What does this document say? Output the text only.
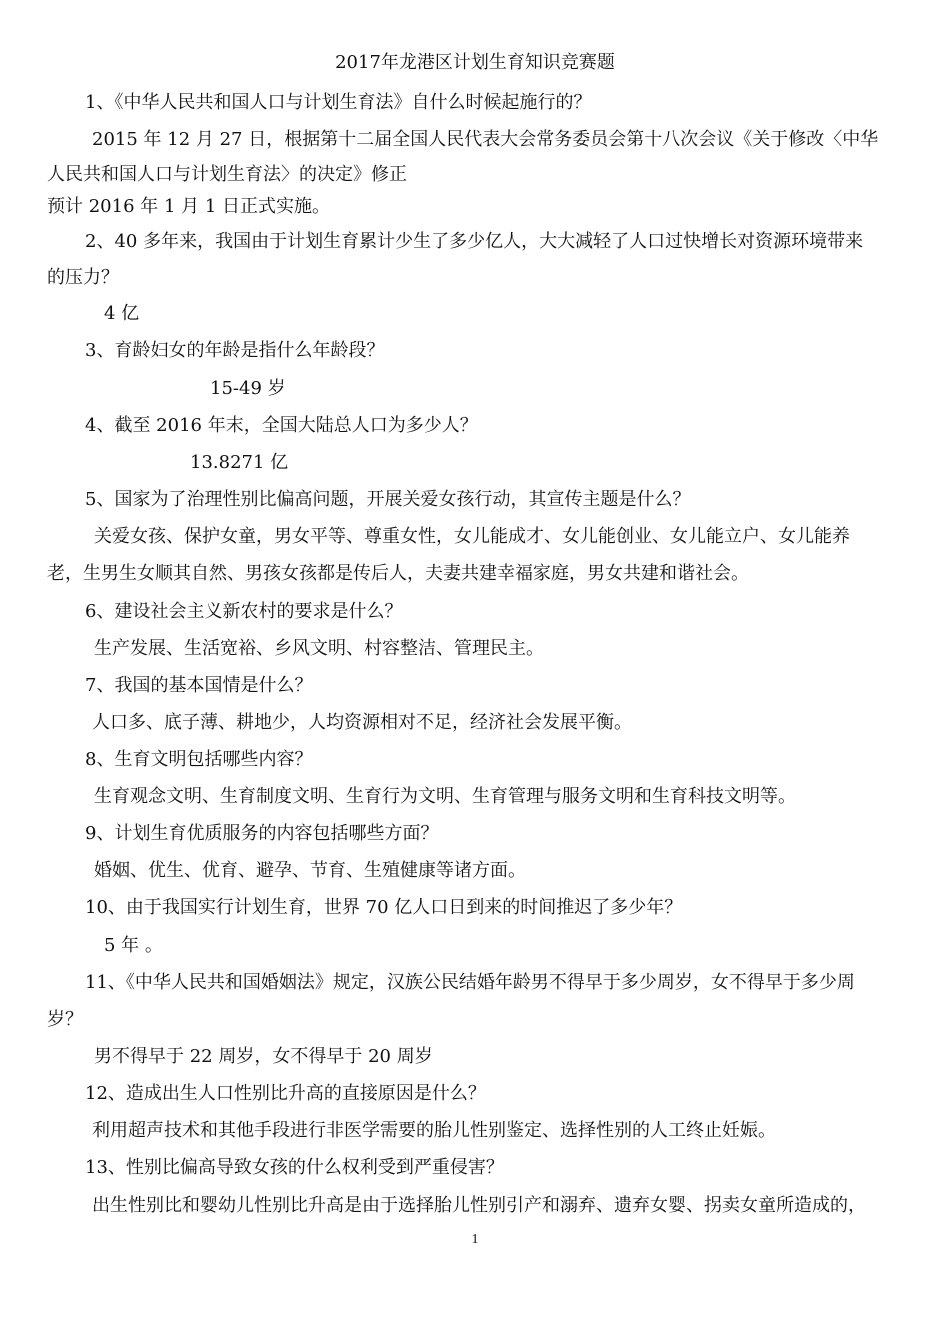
2017年龙港区计划生育知识竞赛题
1、《中华人民共和国人口与计划生育法》自什么时候起施行的？
2015 年 12 月 27 日，根据第十二届全国人民代表大会常务委员会第十八次会议《关于修改〈中华
人民共和国人口与计划生育法〉的决定》修正
预计 2016 年 1 月 1 日正式实施。
2、40 多年来，我国由于计划生育累计少生了多少亿人，大大减轻了人口过快增长对资源环境带来
的压力？
4 亿
3、育龄妇女的年龄是指什么年龄段？
15-49 岁
4、截至 2016 年末，全国大陆总人口为多少人？
13.8271 亿
5、国家为了治理性别比偏高问题，开展关爱女孩行动，其宣传主题是什么？
关爱女孩、保护女童，男女平等、尊重女性，女儿能成才、女儿能创业、女儿能立户、女儿能养
老，生男生女顺其自然、男孩女孩都是传后人，夫妻共建幸福家庭，男女共建和谐社会。
6、建设社会主义新农村的要求是什么？
生产发展、生活宽裕、乡风文明、村容整洁、管理民主。
7、我国的基本国情是什么？
人口多、底子薄、耕地少，人均资源相对不足，经济社会发展平衡。
8、生育文明包括哪些内容？
生育观念文明、生育制度文明、生育行为文明、生育管理与服务文明和生育科技文明等。
9、计划生育优质服务的内容包括哪些方面？
婚姻、优生、优育、避孕、节育、生殖健康等诸方面。
10、由于我国实行计划生育，世界 70 亿人口日到来的时间推迟了多少年？
5 年 。
11、《中华人民共和国婚姻法》规定，汉族公民结婚年龄男不得早于多少周岁，女不得早于多少周
岁？
男不得早于 22 周岁，女不得早于 20 周岁
12、造成出生人口性别比升高的直接原因是什么？
利用超声技术和其他手段进行非医学需要的胎儿性别鉴定、选择性别的人工终止妊娠。
13、性别比偏高导致女孩的什么权利受到严重侵害？
出生性别比和婴幼儿性别比升高是由于选择胎儿性别引产和溺弃、遗弃女婴、拐卖女童所造成的，
1
